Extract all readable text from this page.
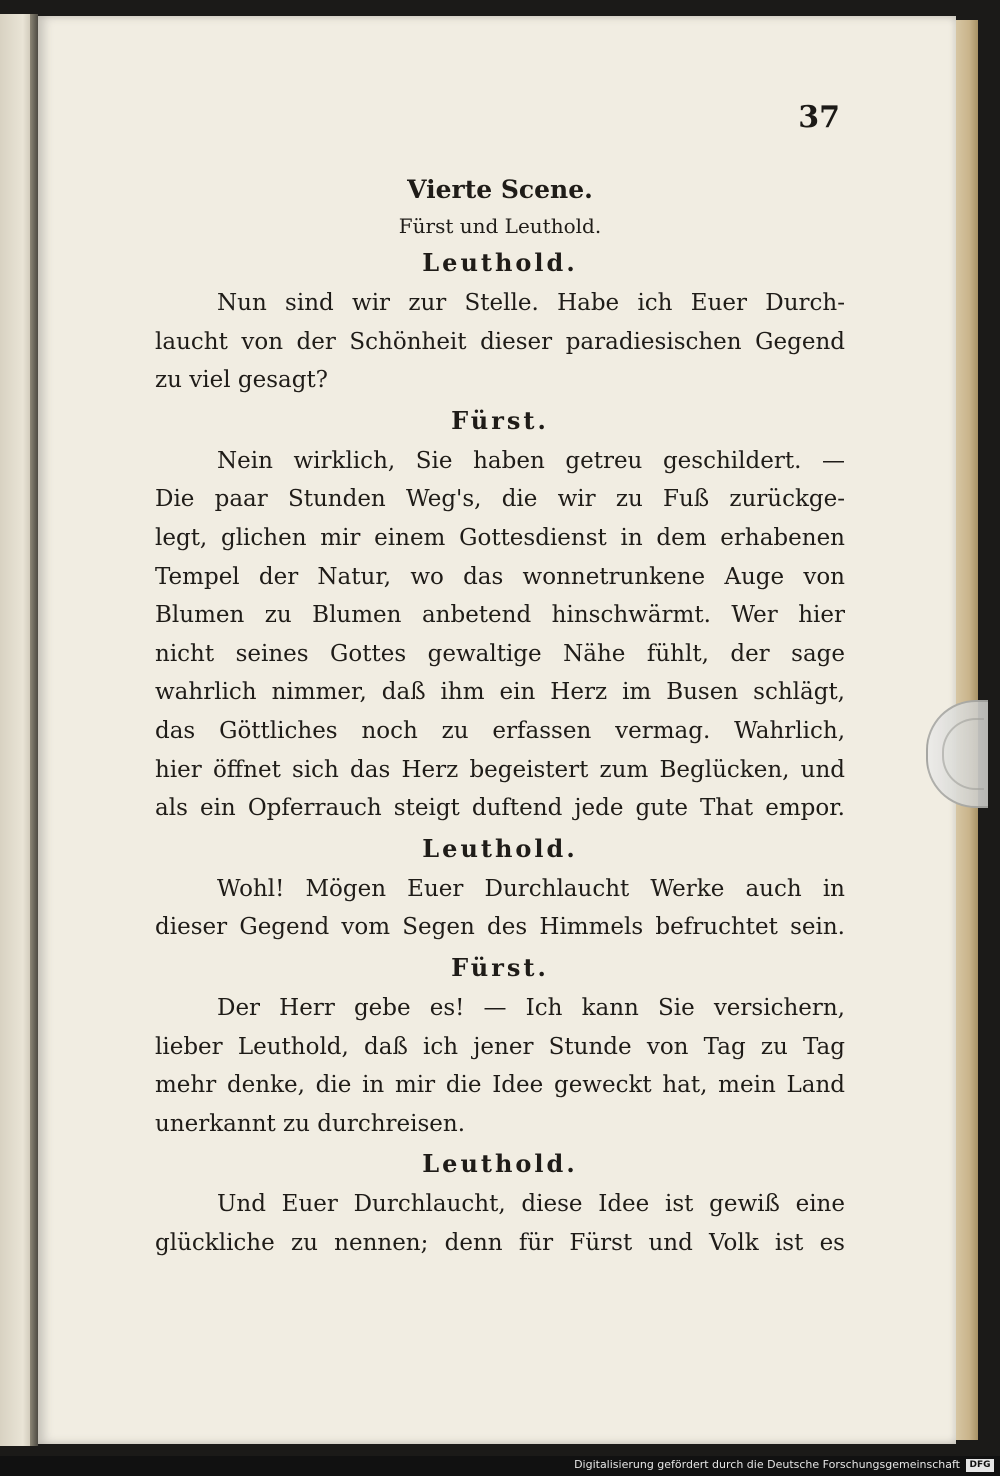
37
Vierte Scene.
Fürst und Leuthold.
Leuthold.
Nun sind wir zur Stelle. Habe ich Euer Durch-
laucht von der Schönheit dieser paradiesischen Gegend
zu viel gesagt?
Fürst.
Nein wirklich, Sie haben getreu geschildert. —
Die paar Stunden Weg's, die wir zu Fuß zurückge-
legt, glichen mir einem Gottesdienst in dem erhabenen
Tempel der Natur, wo das wonnetrunkene Auge von
Blumen zu Blumen anbetend hinschwärmt. Wer hier
nicht seines Gottes gewaltige Nähe fühlt, der sage
wahrlich nimmer, daß ihm ein Herz im Busen schlägt,
das Göttliches noch zu erfassen vermag. Wahrlich,
hier öffnet sich das Herz begeistert zum Beglücken, und
als ein Opferrauch steigt duftend jede gute That empor.
Leuthold.
Wohl! Mögen Euer Durchlaucht Werke auch in
dieser Gegend vom Segen des Himmels befruchtet sein.
Fürst.
Der Herr gebe es! — Ich kann Sie versichern,
lieber Leuthold, daß ich jener Stunde von Tag zu Tag
mehr denke, die in mir die Idee geweckt hat, mein Land
unerkannt zu durchreisen.
Leuthold.
Und Euer Durchlaucht, diese Idee ist gewiß eine
glückliche zu nennen; denn für Fürst und Volk ist es
Digitalisierung gefördert durch die Deutsche Forschungsgemeinschaft	DFG
